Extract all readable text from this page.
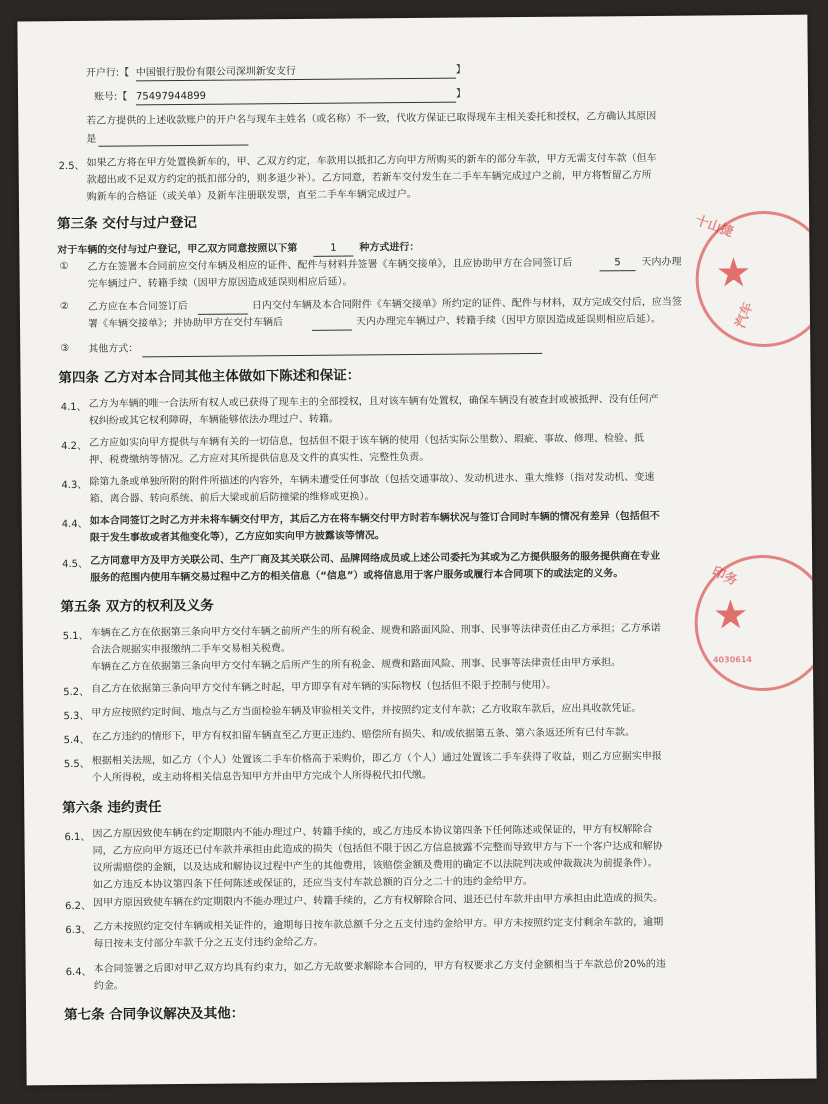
开户行:【 中国银行股份有限公司深圳新安支行	】
账号:【 75497944899	】
若乙方提供的上述收款账户的开户名与现车主姓名（或名称）不一致，代收方保证已取得现车主相关委托和授权，乙方确认其原因
是
2.5、 如果乙方将在甲方处置换新车的，甲、乙双方约定，车款用以抵扣乙方向甲方所购买的新车的部分车款，甲方无需支付车款（但车
款超出或不足双方约定的抵扣部分的，则多退少补）。乙方同意，若新车交付发生在二手车车辆完成过户之前，甲方将暂留乙方所
购新车的合格证（或关单）及新车注册联发票，直至二手车车辆完成过户。
第三条 交付与过户登记
对于车辆的交付与过户登记，甲乙双方同意按照以下第	1	种方式进行：
① 乙方在签署本合同前应交付车辆及相应的证件、配件与材料并签署《车辆交接单》，且应协助甲方在合同签订后	5	天内办理
完车辆过户、转籍手续（因甲方原因造成延误则相应后延）。
② 乙方应在本合同签订后	日内交付车辆及本合同附件《车辆交接单》所约定的证件、配件与材料，双方完成交付后，应当签
署《车辆交接单》；并协助甲方在交付车辆后	天内办理完车辆过户、转籍手续（因甲方原因造成延误则相应后延）。
③ 其他方式：
第四条 乙方对本合同其他主体做如下陈述和保证：
4.1、 乙方为车辆的唯一合法所有权人或已获得了现车主的全部授权，且对该车辆有处置权，确保车辆没有被查封或被抵押、没有任何产
权纠纷或其它权利障碍，车辆能够依法办理过户、转籍。
4.2、 乙方应如实向甲方提供与车辆有关的一切信息，包括但不限于该车辆的使用（包括实际公里数）、瑕疵、事故、修理、检验、抵
押、税费缴纳等情况。乙方应对其所提供信息及文件的真实性、完整性负责。
4.3、 除第九条或单独所附的附件所描述的内容外，车辆未遭受任何事故（包括交通事故）、发动机进水、重大维修（指对发动机、变速
箱、离合器、转向系统、前后大梁或前后防撞梁的维修或更换）。
4.4、 如本合同签订之时乙方并未将车辆交付甲方，其后乙方在将车辆交付甲方时若车辆状况与签订合同时车辆的情况有差异（包括但不
限于发生事故或者其他变化等），乙方应如实向甲方披露该等情况。
4.5、 乙方同意甲方及甲方关联公司、生产厂商及其关联公司、品牌网络成员或上述公司委托为其或为乙方提供服务的服务提供商在专业
服务的范围内使用车辆交易过程中乙方的相关信息（“信息”）或将信息用于客户服务或履行本合同项下的或法定的义务。
第五条 双方的权利及义务
5.1、 车辆在乙方在依据第三条向甲方交付车辆之前所产生的所有税金、规费和路面风险、刑事、民事等法律责任由乙方承担；乙方承诺
合法合规据实申报缴纳二手车交易相关税费。
车辆在乙方在依据第三条向甲方交付车辆之后所产生的所有税金、规费和路面风险、刑事、民事等法律责任由甲方承担。
5.2、 自乙方在依据第三条向甲方交付车辆之时起，甲方即享有对车辆的实际物权（包括但不限于控制与使用）。
5.3、 甲方应按照约定时间、地点与乙方当面检验车辆及审验相关文件，并按照约定支付车款；乙方收取车款后，应出具收款凭证。
5.4、 在乙方违约的情形下，甲方有权扣留车辆直至乙方更正违约、赔偿所有损失、和/或依据第五条、第六条返还所有已付车款。
5.5、 根据相关法规，如乙方（个人）处置该二手车价格高于采购价，即乙方（个人）通过处置该二手车获得了收益，则乙方应据实申报
个人所得税，或主动将相关信息告知甲方并由甲方完成个人所得税代扣代缴。
第六条 违约责任
6.1、 因乙方原因致使车辆在约定期限内不能办理过户、转籍手续的，或乙方违反本协议第四条下任何陈述或保证的，甲方有权解除合
同，乙方应向甲方返还已付车款并承担由此造成的损失（包括但不限于因乙方信息披露不完整而导致甲方与下一个客户达成和解协
议所需赔偿的金额，以及达成和解协议过程中产生的其他费用，该赔偿金额及费用的确定不以法院判决或仲裁裁决为前提条件）。
如乙方违反本协议第四条下任何陈述或保证的，还应当支付车款总额的百分之二十的违约金给甲方。
6.2、 因甲方原因致使车辆在约定期限内不能办理过户、转籍手续的，乙方有权解除合同、退还已付车款并由甲方承担由此造成的损失。
6.3、 乙方未按照约定交付车辆或相关证件的，逾期每日按车款总额千分之五支付违约金给甲方。甲方未按照约定支付剩余车款的，逾期
每日按未支付部分车款千分之五支付违约金给乙方。
6.4、 本合同签署之后即对甲乙双方均具有约束力，如乙方无故要求解除本合同的，甲方有权要求乙方支付金额相当于车款总价20%的违
约金。
第七条 合同争议解决及其他：
★
十山捷
汽车
★
印务
4030614
